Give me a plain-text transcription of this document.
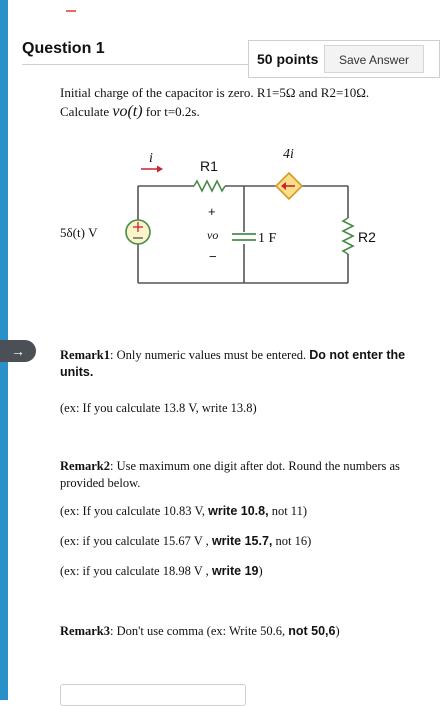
Question 1
50 points	Save Answer
Initial charge of the capacitor is zero. R1=5Ω and R2=10Ω.
Calculate vo(t) for t=0.2s.
i	R1
4i
5δ(t) V
+
vo
−
1 F	R2
→	Remark1: Only numeric values must be entered. Do not enter the units.
(ex: If you calculate 13.8 V, write 13.8)
Remark2: Use maximum one digit after dot. Round the numbers as provided below.
(ex: If you calculate 10.83 V, write 10.8, not 11)
(ex: if you calculate 15.67 V , write 15.7, not 16)
(ex: if you calculate 18.98 V , write 19)
Remark3: Don't use comma (ex: Write 50.6, not 50,6)
